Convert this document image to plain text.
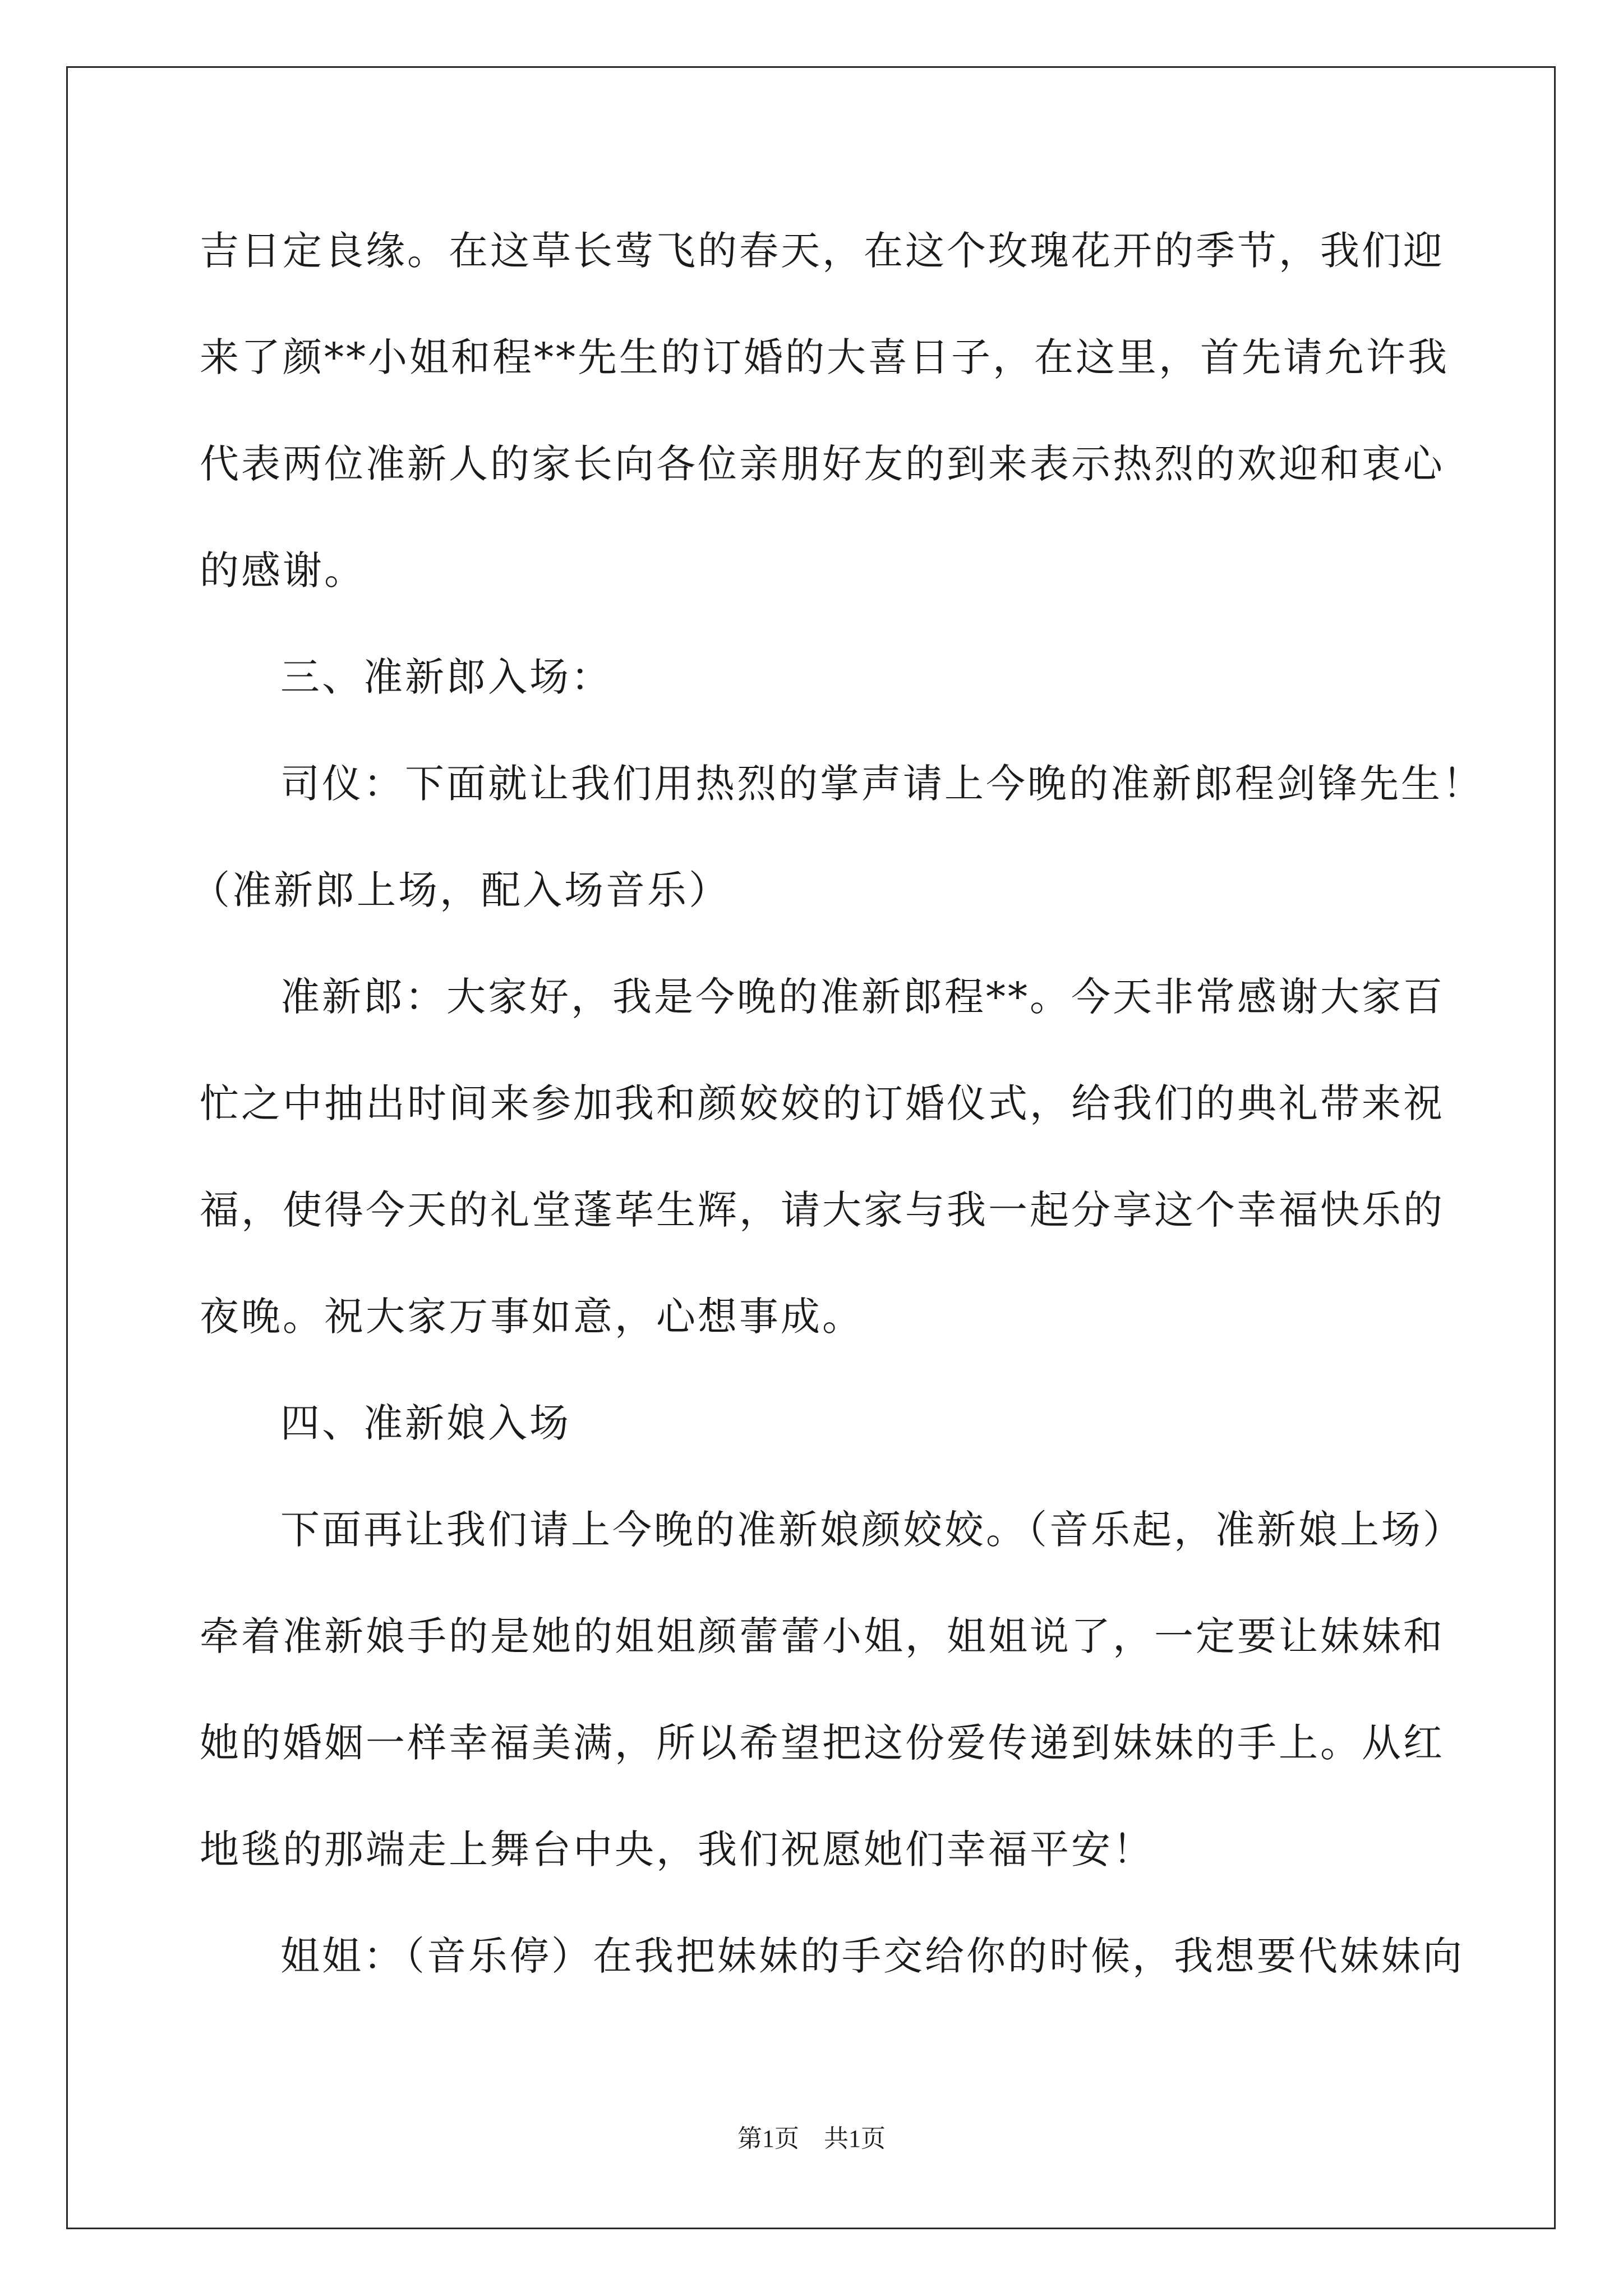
吉日定良缘。在这草长莺飞的春天，在这个玫瑰花开的季节，我们迎
来了颜**小姐和程**先生的订婚的大喜日子，在这里，首先请允许我
代表两位准新人的家长向各位亲朋好友的到来表示热烈的欢迎和衷心
的感谢。
三、准新郎入场：
司仪：下面就让我们用热烈的掌声请上今晚的准新郎程剑锋先生！
（准新郎上场，配入场音乐）
准新郎：大家好，我是今晚的准新郎程**。今天非常感谢大家百
忙之中抽出时间来参加我和颜姣姣的订婚仪式，给我们的典礼带来祝
福，使得今天的礼堂蓬荜生辉，请大家与我一起分享这个幸福快乐的
夜晚。祝大家万事如意，心想事成。
四、准新娘入场
下面再让我们请上今晚的准新娘颜姣姣。（音乐起，准新娘上场）
牵着准新娘手的是她的姐姐颜蕾蕾小姐，姐姐说了，一定要让妹妹和
她的婚姻一样幸福美满，所以希望把这份爱传递到妹妹的手上。从红
地毯的那端走上舞台中央，我们祝愿她们幸福平安！
姐姐：（音乐停）在我把妹妹的手交给你的时候，我想要代妹妹向
第1页 共1页
